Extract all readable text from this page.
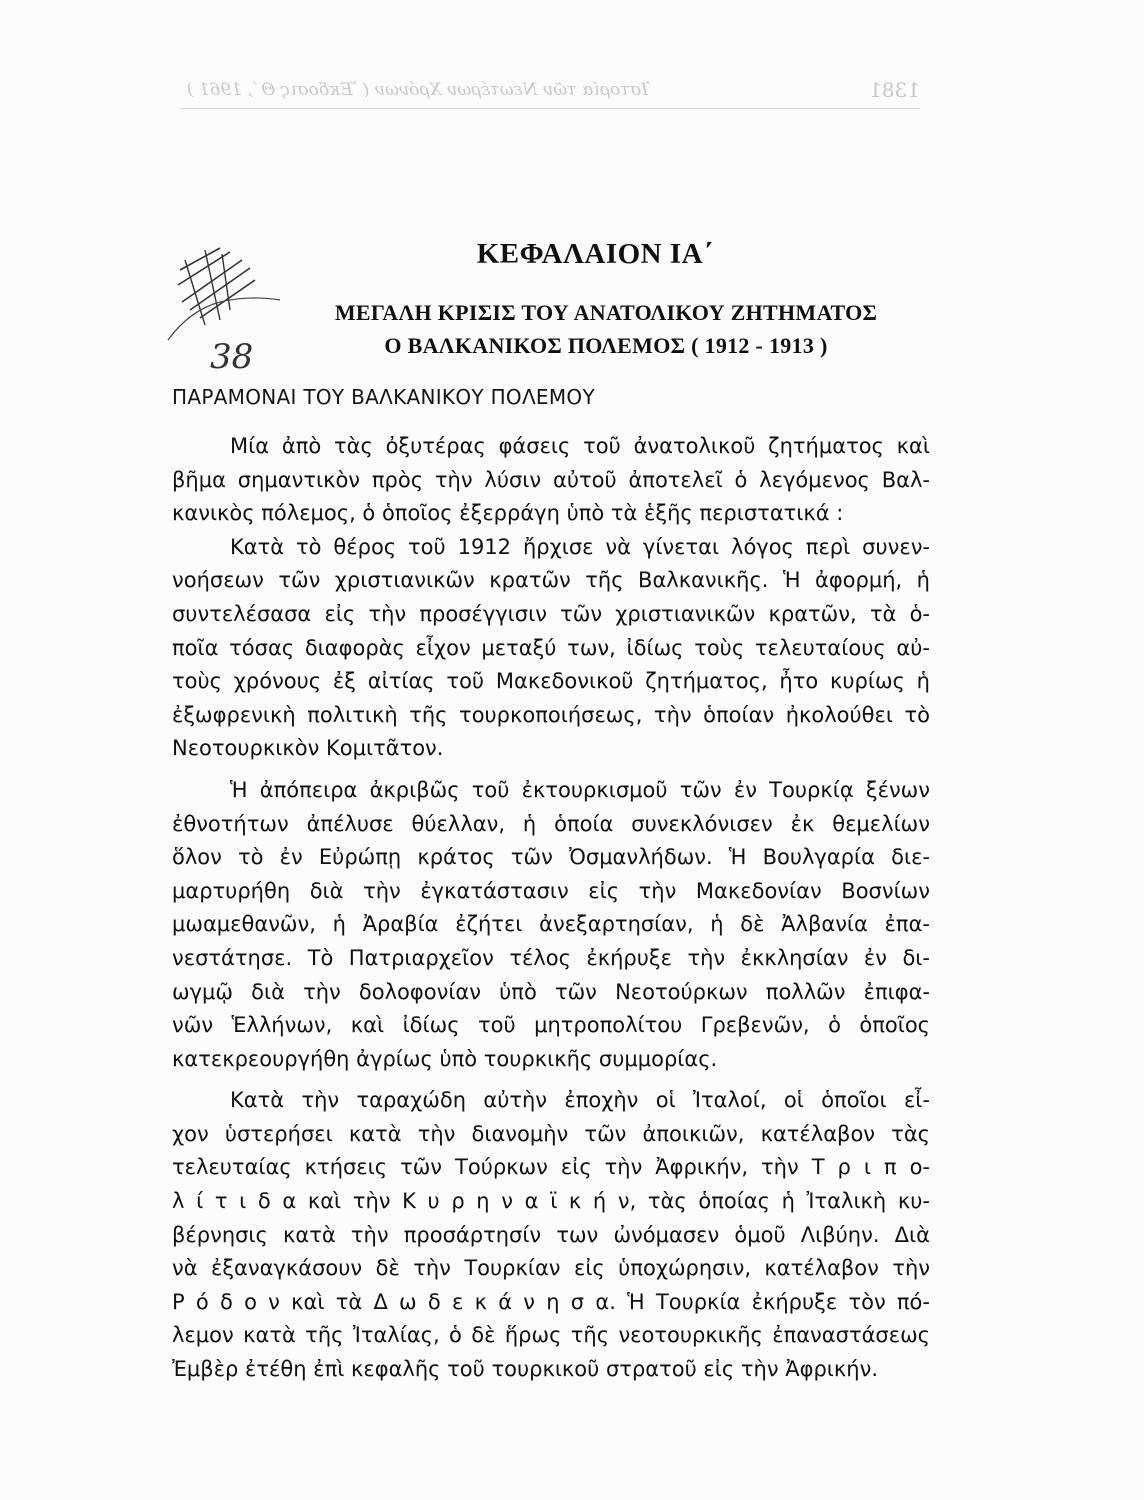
1381
Ἱστορία τῶν Νεωτέρων Χρόνων ( Ἔκδοσις Θ΄, 1961 )
38
ΚΕΦΑΛΑΙΟΝ ΙΑ΄
ΜΕΓΑΛΗ ΚΡΙΣΙΣ ΤΟΥ ΑΝΑΤΟΛΙΚΟΥ ΖΗΤΗΜΑΤΟΣ
Ο ΒΑΛΚΑΝΙΚΟΣ ΠΟΛΕΜΟΣ ( 1912 - 1913 )
ΠΑΡΑΜΟΝΑΙ ΤΟΥ ΒΑΛΚΑΝΙΚΟΥ ΠΟΛΕΜΟΥ
Μία ἀπὸ τὰς ὀξυτέρας φάσεις τοῦ ἀνατολικοῦ ζητήματος καὶ
βῆμα σημαντικὸν πρὸς τὴν λύσιν αὐτοῦ ἀποτελεῖ ὁ λεγόμενος Βαλ-
κανικὸς πόλεμος, ὁ ὁποῖος ἐξερράγη ὑπὸ τὰ ἑξῆς περιστατικά :
Κατὰ τὸ θέρος τοῦ 1912 ἤρχισε νὰ γίνεται λόγος περὶ συνεν-
νοήσεων τῶν χριστιανικῶν κρατῶν τῆς Βαλκανικῆς. Ἡ ἀφορμή, ἡ
συντελέσασα εἰς τὴν προσέγγισιν τῶν χριστιανικῶν κρατῶν, τὰ ὁ-
ποῖα τόσας διαφορὰς εἶχον μεταξύ των, ἰδίως τοὺς τελευταίους αὐ-
τοὺς χρόνους ἐξ αἰτίας τοῦ Μακεδονικοῦ ζητήματος, ἦτο κυρίως ἡ
ἐξωφρενικὴ πολιτικὴ τῆς τουρκοποιήσεως, τὴν ὁποίαν ἠκολούθει τὸ
Νεοτουρκικὸν Κομιτᾶτον.
Ἡ ἀπόπειρα ἀκριβῶς τοῦ ἐκτουρκισμοῦ τῶν ἐν Τουρκίᾳ ξένων
ἐθνοτήτων ἀπέλυσε θύελλαν, ἡ ὁποία συνεκλόνισεν ἐκ θεμελίων
ὅλον τὸ ἐν Εὐρώπῃ κράτος τῶν Ὀσμανλήδων. Ἡ Βουλγαρία διε-
μαρτυρήθη διὰ τὴν ἐγκατάστασιν εἰς τὴν Μακεδονίαν Βοσνίων
μωαμεθανῶν, ἡ Ἀραβία ἐζήτει ἀνεξαρτησίαν, ἡ δὲ Ἀλβανία ἐπα-
νεστάτησε. Τὸ Πατριαρχεῖον τέλος ἐκήρυξε τὴν ἐκκλησίαν ἐν δι-
ωγμῷ διὰ τὴν δολοφονίαν ὑπὸ τῶν Νεοτούρκων πολλῶν ἐπιφα-
νῶν Ἑλλήνων, καὶ ἰδίως τοῦ μητροπολίτου Γρεβενῶν, ὁ ὁποῖος
κατεκρεουργήθη ἀγρίως ὑπὸ τουρκικῆς συμμορίας.
Κατὰ τὴν ταραχώδη αὐτὴν ἐποχὴν οἱ Ἰταλοί, οἱ ὁποῖοι εἶ-
χον ὑστερήσει κατὰ τὴν διανομὴν τῶν ἀποικιῶν, κατέλαβον τὰς
τελευταίας κτήσεις τῶν Τούρκων εἰς τὴν Ἀφρικήν, τὴν Τ ρ ι π ο-
λ ί τ ι δ α καὶ τὴν Κ υ ρ η ν α ϊ κ ή ν, τὰς ὁποίας ἡ Ἰταλικὴ κυ-
βέρνησις κατὰ τὴν προσάρτησίν των ὠνόμασεν ὁμοῦ Λιβύην. Διὰ
νὰ ἐξαναγκάσουν δὲ τὴν Τουρκίαν εἰς ὑποχώρησιν, κατέλαβον τὴν
Ρ ό δ ο ν καὶ τὰ Δ ω δ ε κ ά ν η σ α. Ἡ Τουρκία ἐκήρυξε τὸν πό-
λεμον κατὰ τῆς Ἰταλίας, ὁ δὲ ἥρως τῆς νεοτουρκικῆς ἐπαναστάσεως
Ἐμβὲρ ἐτέθη ἐπὶ κεφαλῆς τοῦ τουρκικοῦ στρατοῦ εἰς τὴν Ἀφρικήν.
